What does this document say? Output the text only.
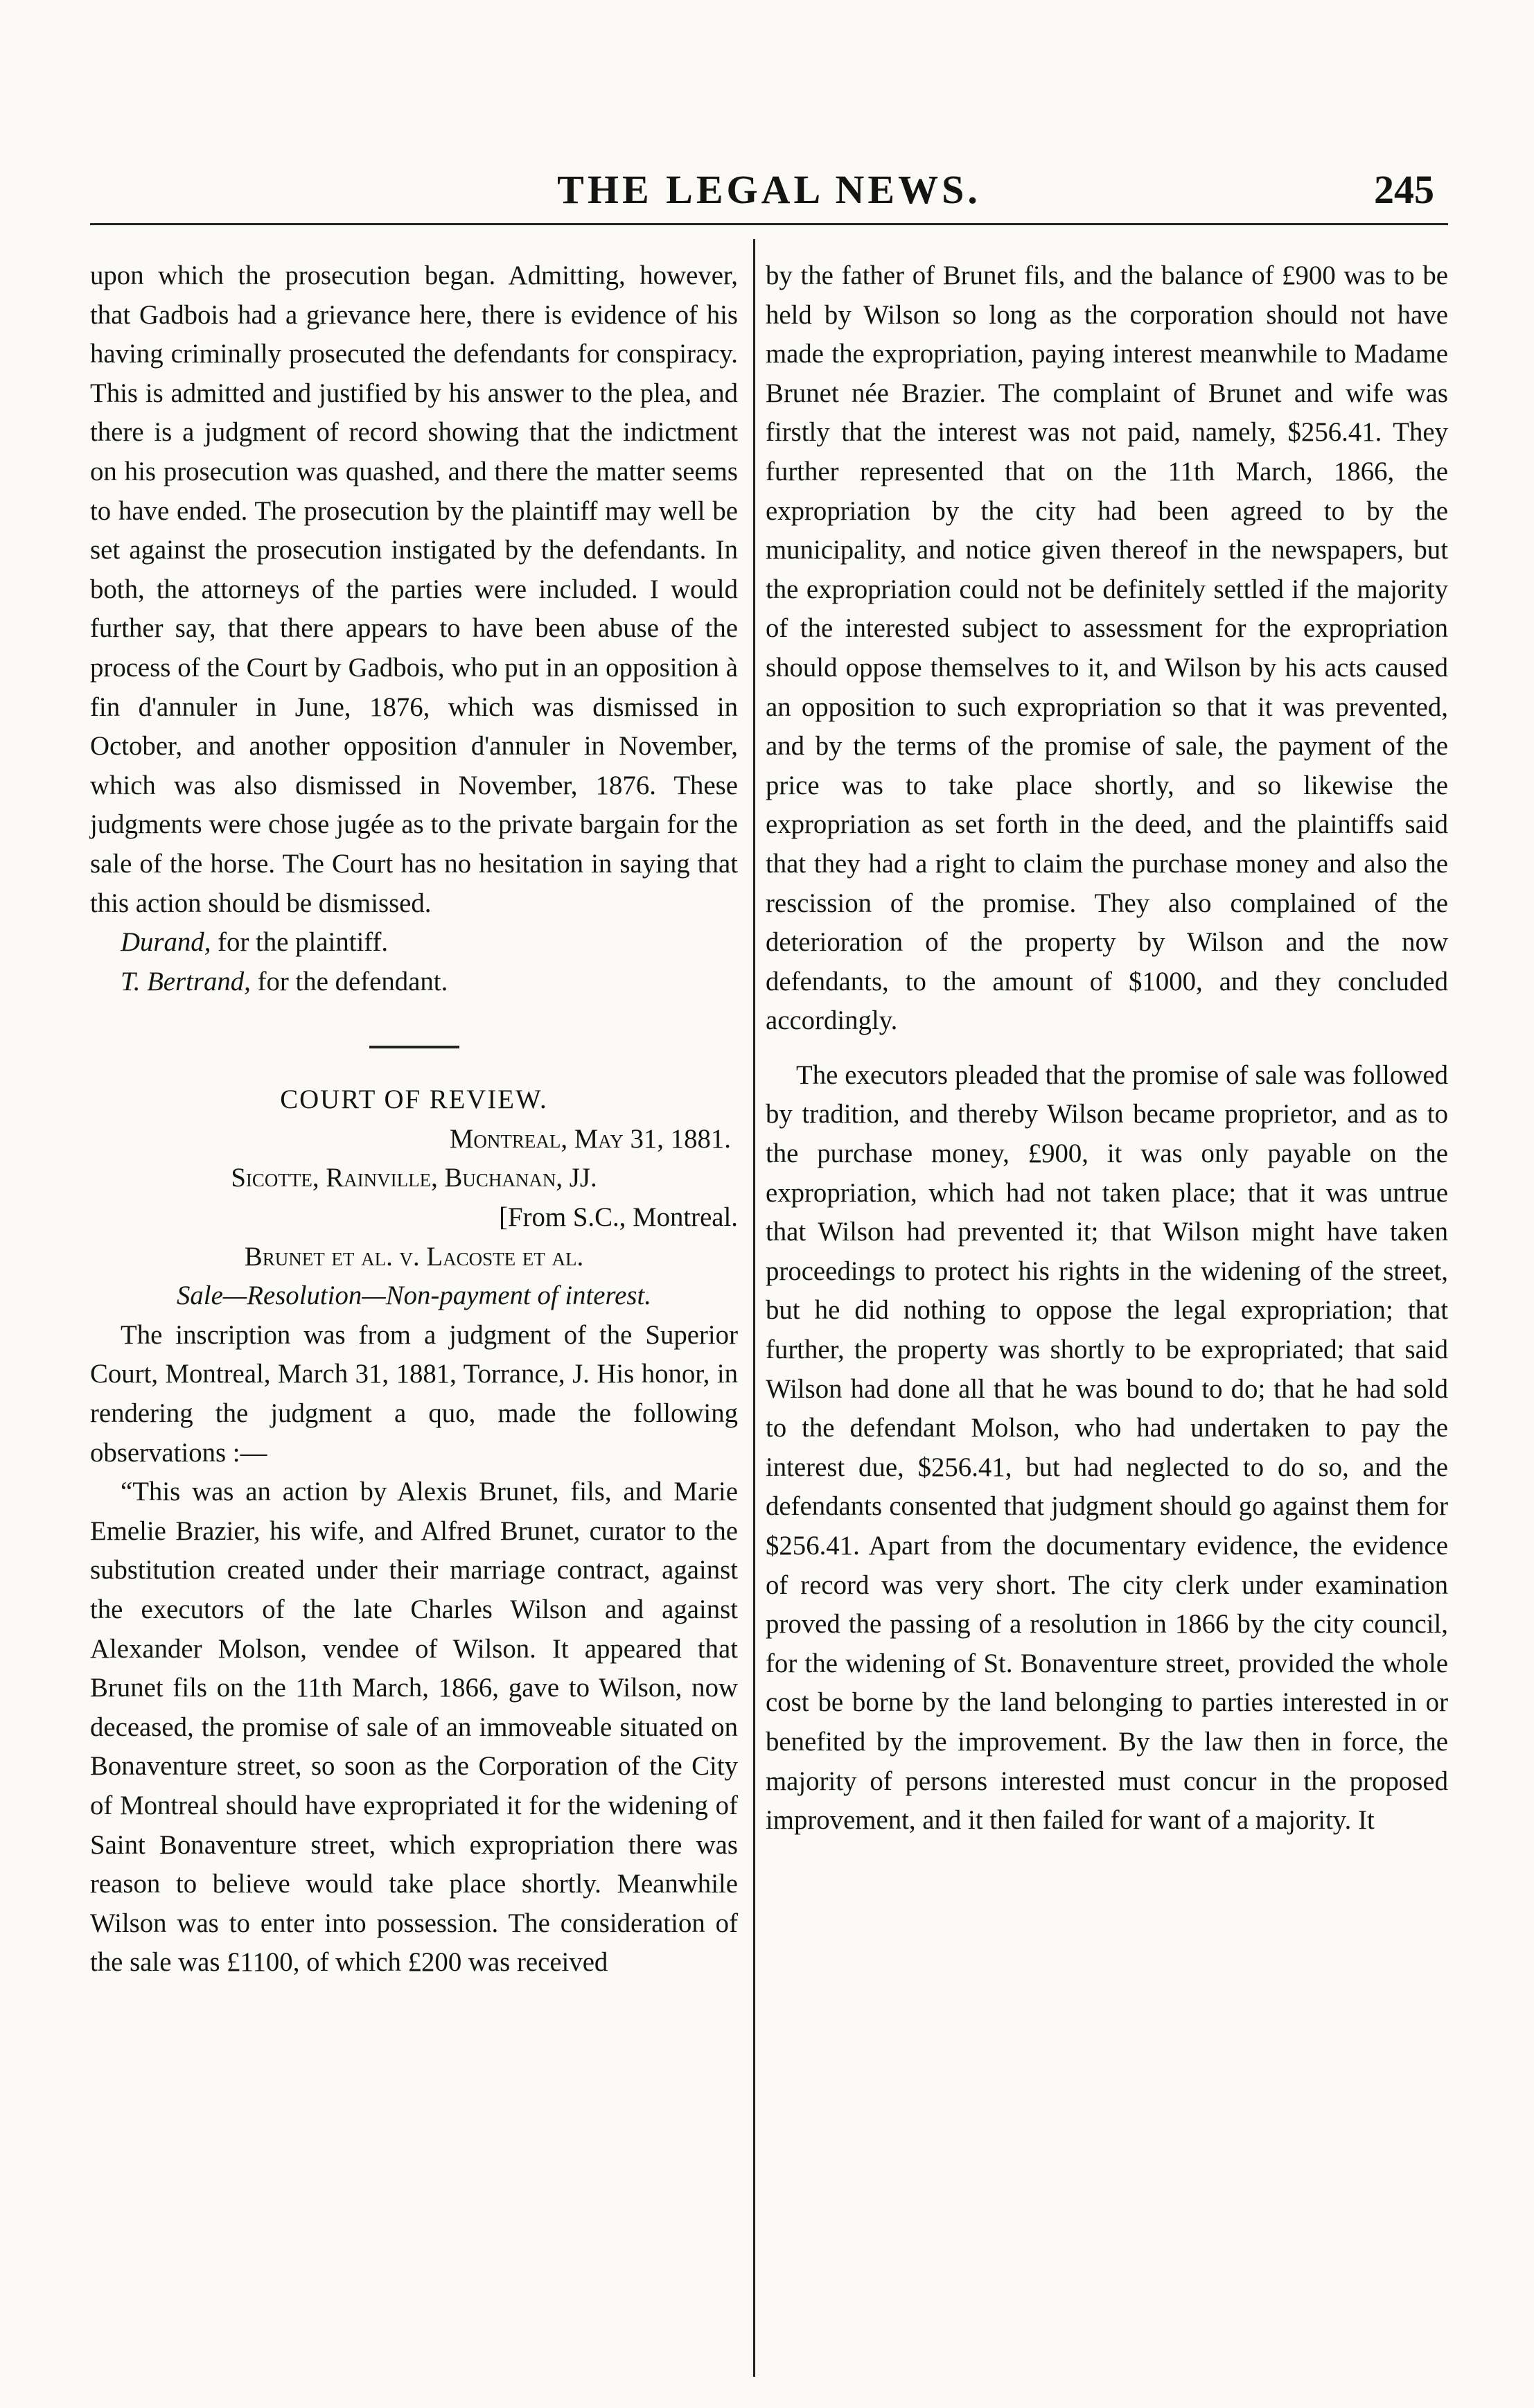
THE LEGAL NEWS.	245

upon which the prosecution began. Admitting, however, that Gadbois had a grievance here, there is evidence of his having criminally prosecuted the defendants for conspiracy. This is admitted and justified by his answer to the plea, and there is a judgment of record showing that the indictment on his prosecution was quashed, and there the matter seems to have ended. The prosecution by the plaintiff may well be set against the prosecution instigated by the defendants. In both, the attorneys of the parties were included. I would further say, that there appears to have been abuse of the process of the Court by Gadbois, who put in an opposition à fin d'annuler in June, 1876, which was dismissed in October, and another opposition d'annuler in November, which was also dismissed in November, 1876. These judgments were chose jugée as to the private bargain for the sale of the horse. The Court has no hesitation in saying that this action should be dismissed.

Durand, for the plaintiff.

T. Bertrand, for the defendant.

COURT OF REVIEW.

Montreal, May 31, 1881.

Sicotte, Rainville, Buchanan, JJ.

[From S.C., Montreal.

Brunet et al. v. Lacoste et al.

Sale—Resolution—Non-payment of interest.

The inscription was from a judgment of the Superior Court, Montreal, March 31, 1881, Torrance, J. His honor, in rendering the judgment a quo, made the following observations :—

“This was an action by Alexis Brunet, fils, and Marie Emelie Brazier, his wife, and Alfred Brunet, curator to the substitution created under their marriage contract, against the executors of the late Charles Wilson and against Alexander Molson, vendee of Wilson. It appeared that Brunet fils on the 11th March, 1866, gave to Wilson, now deceased, the promise of sale of an immoveable situated on Bonaventure street, so soon as the Corporation of the City of Montreal should have expropriated it for the widening of Saint Bonaventure street, which expropriation there was reason to believe would take place shortly. Meanwhile Wilson was to enter into possession. The consideration of the sale was £1100, of which £200 was received

by the father of Brunet fils, and the balance of £900 was to be held by Wilson so long as the corporation should not have made the expropriation, paying interest meanwhile to Madame Brunet née Brazier. The complaint of Brunet and wife was firstly that the interest was not paid, namely, $256.41. They further represented that on the 11th March, 1866, the expropriation by the city had been agreed to by the municipality, and notice given thereof in the newspapers, but the expropriation could not be definitely settled if the majority of the interested subject to assessment for the expropriation should oppose themselves to it, and Wilson by his acts caused an opposition to such expropriation so that it was prevented, and by the terms of the promise of sale, the payment of the price was to take place shortly, and so likewise the expropriation as set forth in the deed, and the plaintiffs said that they had a right to claim the purchase money and also the rescission of the promise. They also complained of the deterioration of the property by Wilson and the now defendants, to the amount of $1000, and they concluded accordingly.

The executors pleaded that the promise of sale was followed by tradition, and thereby Wilson became proprietor, and as to the purchase money, £900, it was only payable on the expropriation, which had not taken place; that it was untrue that Wilson had prevented it; that Wilson might have taken proceedings to protect his rights in the widening of the street, but he did nothing to oppose the legal expropriation; that further, the property was shortly to be expropriated; that said Wilson had done all that he was bound to do; that he had sold to the defendant Molson, who had undertaken to pay the interest due, $256.41, but had neglected to do so, and the defendants consented that judgment should go against them for $256.41. Apart from the documentary evidence, the evidence of record was very short. The city clerk under examination proved the passing of a resolution in 1866 by the city council, for the widening of St. Bonaventure street, provided the whole cost be borne by the land belonging to parties interested in or benefited by the improvement. By the law then in force, the majority of persons interested must concur in the proposed improvement, and it then failed for want of a majority. It
